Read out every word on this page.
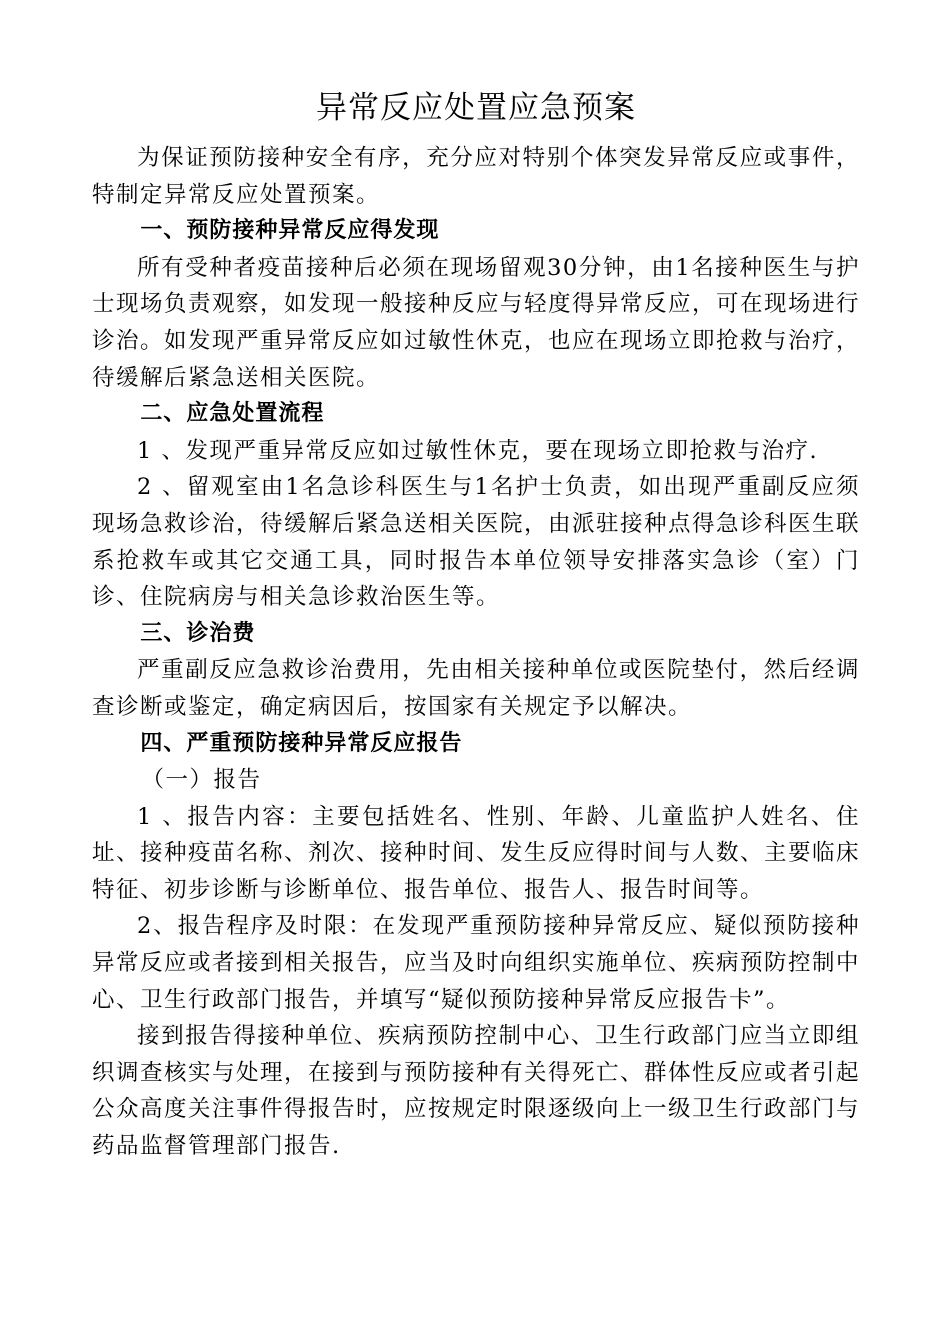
异常反应处置应急预案

为保证预防接种安全有序，充分应对特别个体突发异常反应或事件，特制定异常反应处置预案。

一、预防接种异常反应得发现

所有受种者疫苗接种后必须在现场留观30分钟，由1名接种医生与护士现场负责观察，如发现一般接种反应与轻度得异常反应，可在现场进行诊治。如发现严重异常反应如过敏性休克，也应在现场立即抢救与治疗，待缓解后紧急送相关医院。

二、应急处置流程

1 、发现严重异常反应如过敏性休克，要在现场立即抢救与治疗.

2 、留观室由1名急诊科医生与1名护士负责，如出现严重副反应须现场急救诊治，待缓解后紧急送相关医院，由派驻接种点得急诊科医生联系抢救车或其它交通工具，同时报告本单位领导安排落实急诊（室）门诊、住院病房与相关急诊救治医生等。

三、诊治费

严重副反应急救诊治费用，先由相关接种单位或医院垫付，然后经调查诊断或鉴定，确定病因后，按国家有关规定予以解决。

四、严重预防接种异常反应报告

（一）报告

1 、报告内容：主要包括姓名、性别、年龄、儿童监护人姓名、住址、接种疫苗名称、剂次、接种时间、发生反应得时间与人数、主要临床特征、初步诊断与诊断单位、报告单位、报告人、报告时间等。

2、报告程序及时限：在发现严重预防接种异常反应、疑似预防接种异常反应或者接到相关报告，应当及时向组织实施单位、疾病预防控制中心、卫生行政部门报告，并填写“疑似预防接种异常反应报告卡”。

接到报告得接种单位、疾病预防控制中心、卫生行政部门应当立即组织调查核实与处理，在接到与预防接种有关得死亡、群体性反应或者引起公众高度关注事件得报告时，应按规定时限逐级向上一级卫生行政部门与药品监督管理部门报告.
